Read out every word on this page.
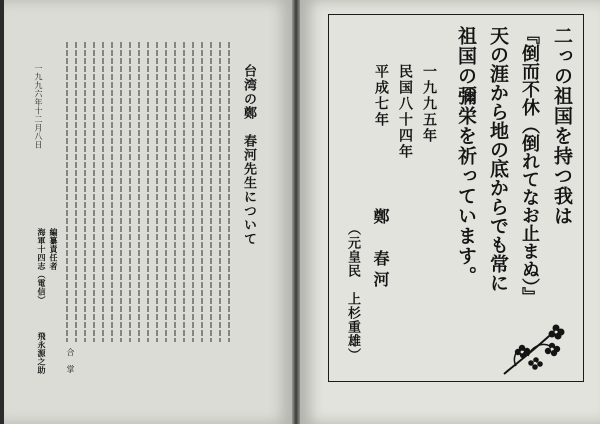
台湾の鄭　春河先生について
合　掌
一九九六年十二月八日
編纂責任者
海軍十四志（電信）
飛永源之助
二っの祖国を持つ我は
『倒而不休（倒れてなお止まぬ）』
天の涯から地の底からでも常に
祖国の彌栄を祈っています。
一九九五年
民国八十四年
平成七年
鄭　春河
（元皇民　上杉重雄）
